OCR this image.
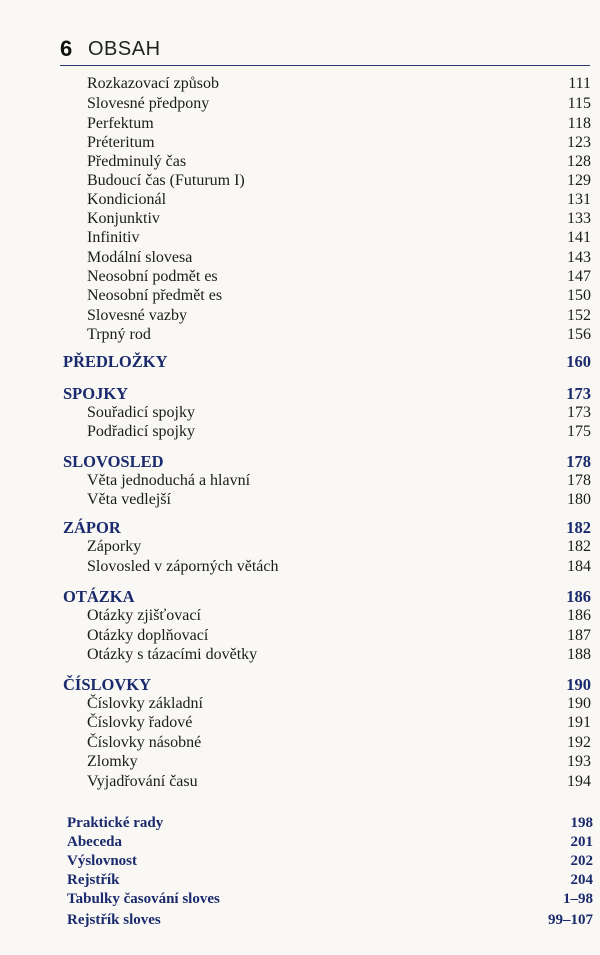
6 OBSAH
Rozkazovací způsob	111
Slovesné předpony	115
Perfektum	118
Préteritum	123
Předminulý čas	128
Budoucí čas (Futurum I)	129
Kondicionál	131
Konjunktiv	133
Infinitiv	141
Modální slovesa	143
Neosobní podmět es	147
Neosobní předmět es	150
Slovesné vazby	152
Trpný rod	156
PŘEDLOŽKY	160
SPOJKY	173
Souřadicí spojky	173
Podřadicí spojky	175
SLOVOSLED	178
Věta jednoduchá a hlavní	178
Věta vedlejší	180
ZÁPOR	182
Záporky	182
Slovosled v záporných větách	184
OTÁZKA	186
Otázky zjišťovací	186
Otázky doplňovací	187
Otázky s tázacími dovětky	188
ČÍSLOVKY	190
Číslovky základní	190
Číslovky řadové	191
Číslovky násobné	192
Zlomky	193
Vyjadřování času	194
Praktické rady	198
Abeceda	201
Výslovnost	202
Rejstřík	204
Tabulky časování sloves	1–98
Rejstřík sloves	99–107
